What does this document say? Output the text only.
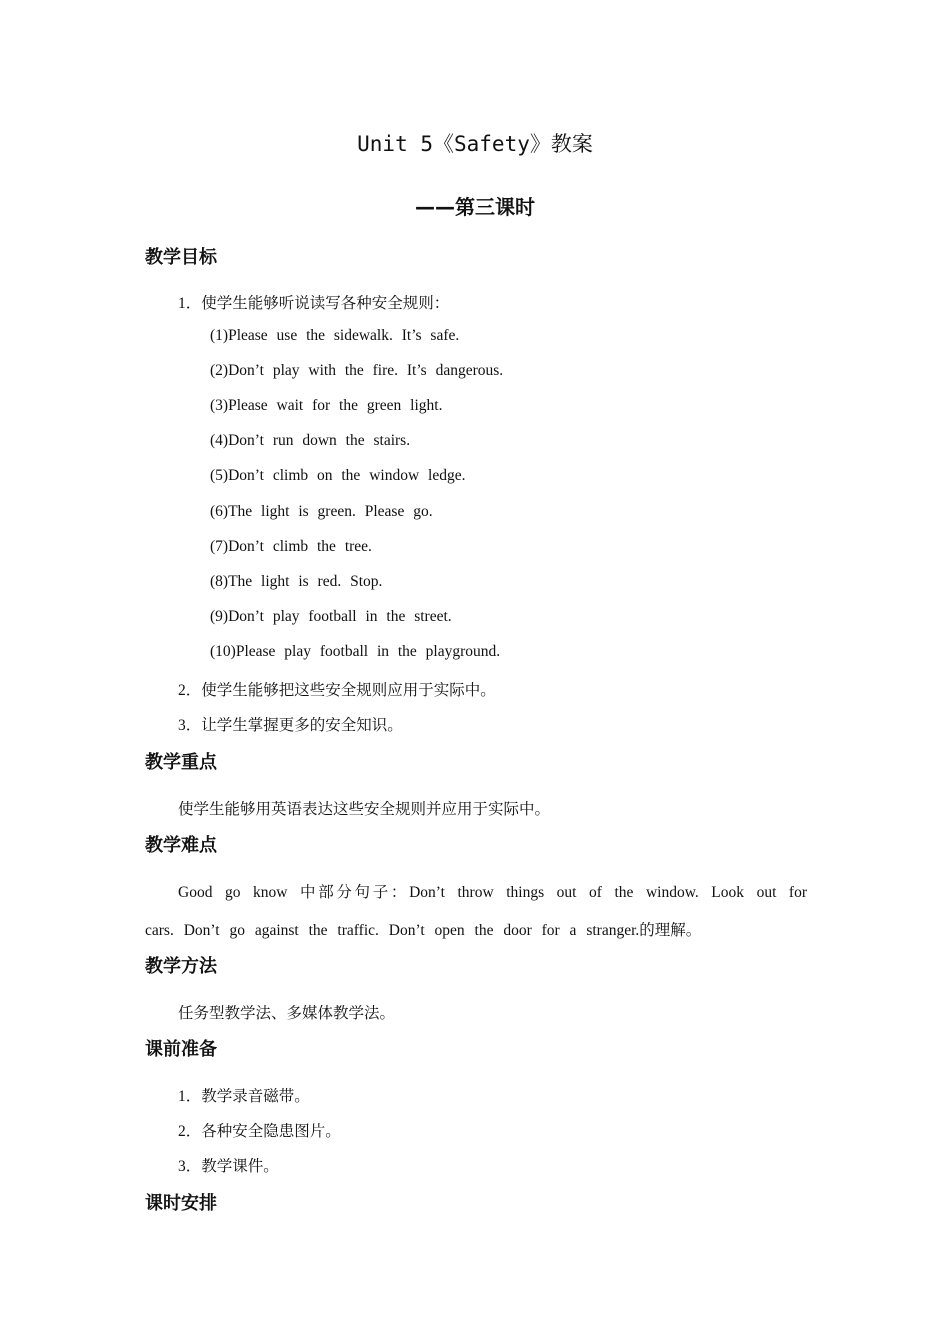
Unit 5《Safety》教案
——第三课时
教学目标
1．使学生能够听说读写各种安全规则：
(1)Please use the sidewalk. It’s safe.
(2)Don’t play with the fire. It’s dangerous.
(3)Please wait for the green light.
(4)Don’t run down the stairs.
(5)Don’t climb on the window ledge.
(6)The light is green. Please go.
(7)Don’t climb the tree.
(8)The light is red. Stop.
(9)Don’t play football in the street.
(10)Please play football in the playground.
2．使学生能够把这些安全规则应用于实际中。
3．让学生掌握更多的安全知识。
教学重点
使学生能够用英语表达这些安全规则并应用于实际中。
教学难点
Good go know 中部分句子：Don’t throw things out of the window. Look out for
cars. Don’t go against the traffic. Don’t open the door for a stranger.的理解。
教学方法
任务型教学法、多媒体教学法。
课前准备
1．教学录音磁带。
2．各种安全隐患图片。
3．教学课件。
课时安排
